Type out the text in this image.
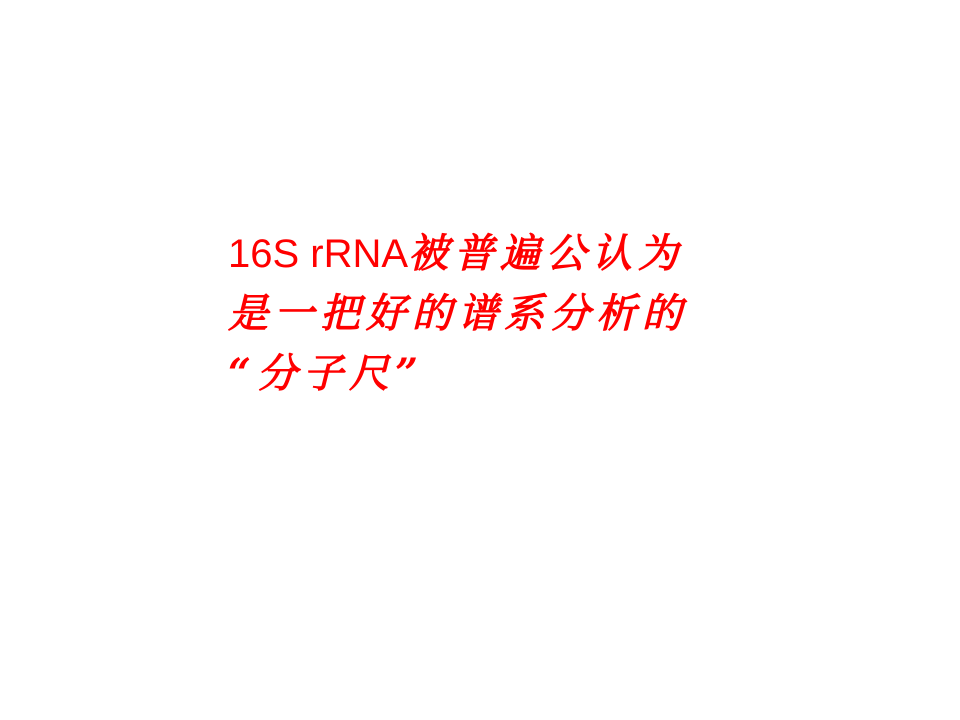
16S rRNA被普遍公认为
是一把好的谱系分析的
“分子尺”
